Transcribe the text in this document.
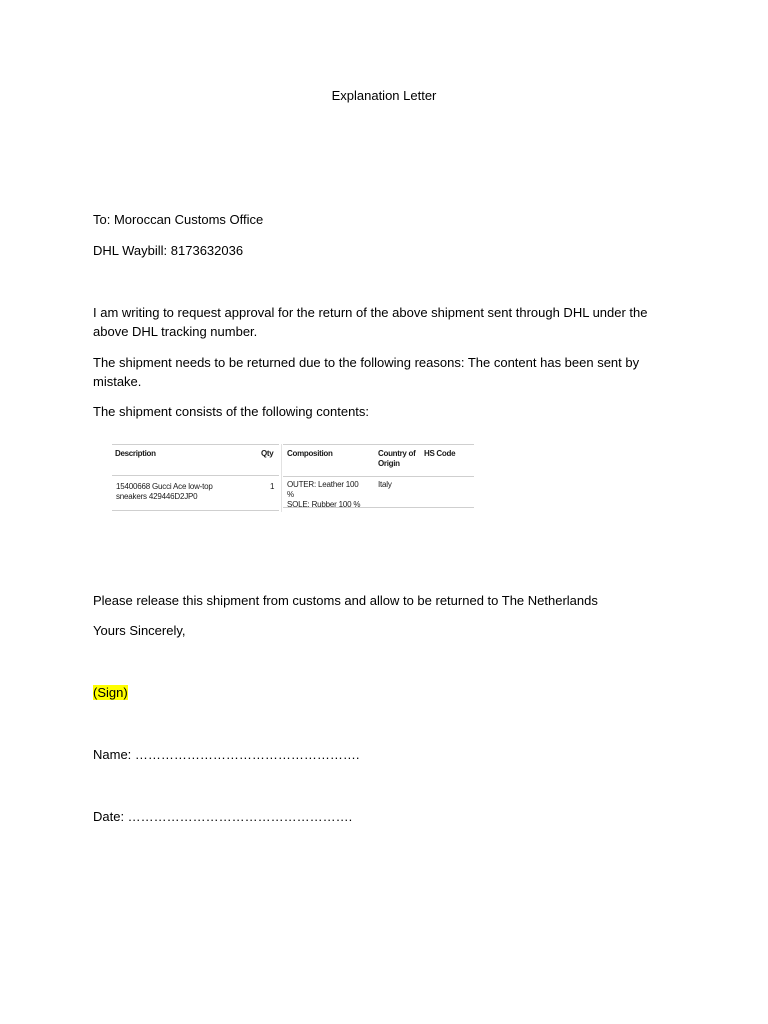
Explanation Letter
To: Moroccan Customs Office
DHL Waybill: 8173632036
I am writing to request approval for the return of the above shipment sent through DHL under the above DHL tracking number.
The shipment needs to be returned due to the following reasons: The content has been sent by mistake.
The shipment consists of the following contents:
Description	Qty Composition	Country of
Origin
HS Code
15400668 Gucci Ace low-top
sneakers 429446D2JP0
1 OUTER: Leather 100
%
SOLE: Rubber 100 %
Italy
Please release this shipment from customs and allow to be returned to The Netherlands
Yours Sincerely,
(Sign)
Name: …………………………………………….
Date: …………………………………………….
